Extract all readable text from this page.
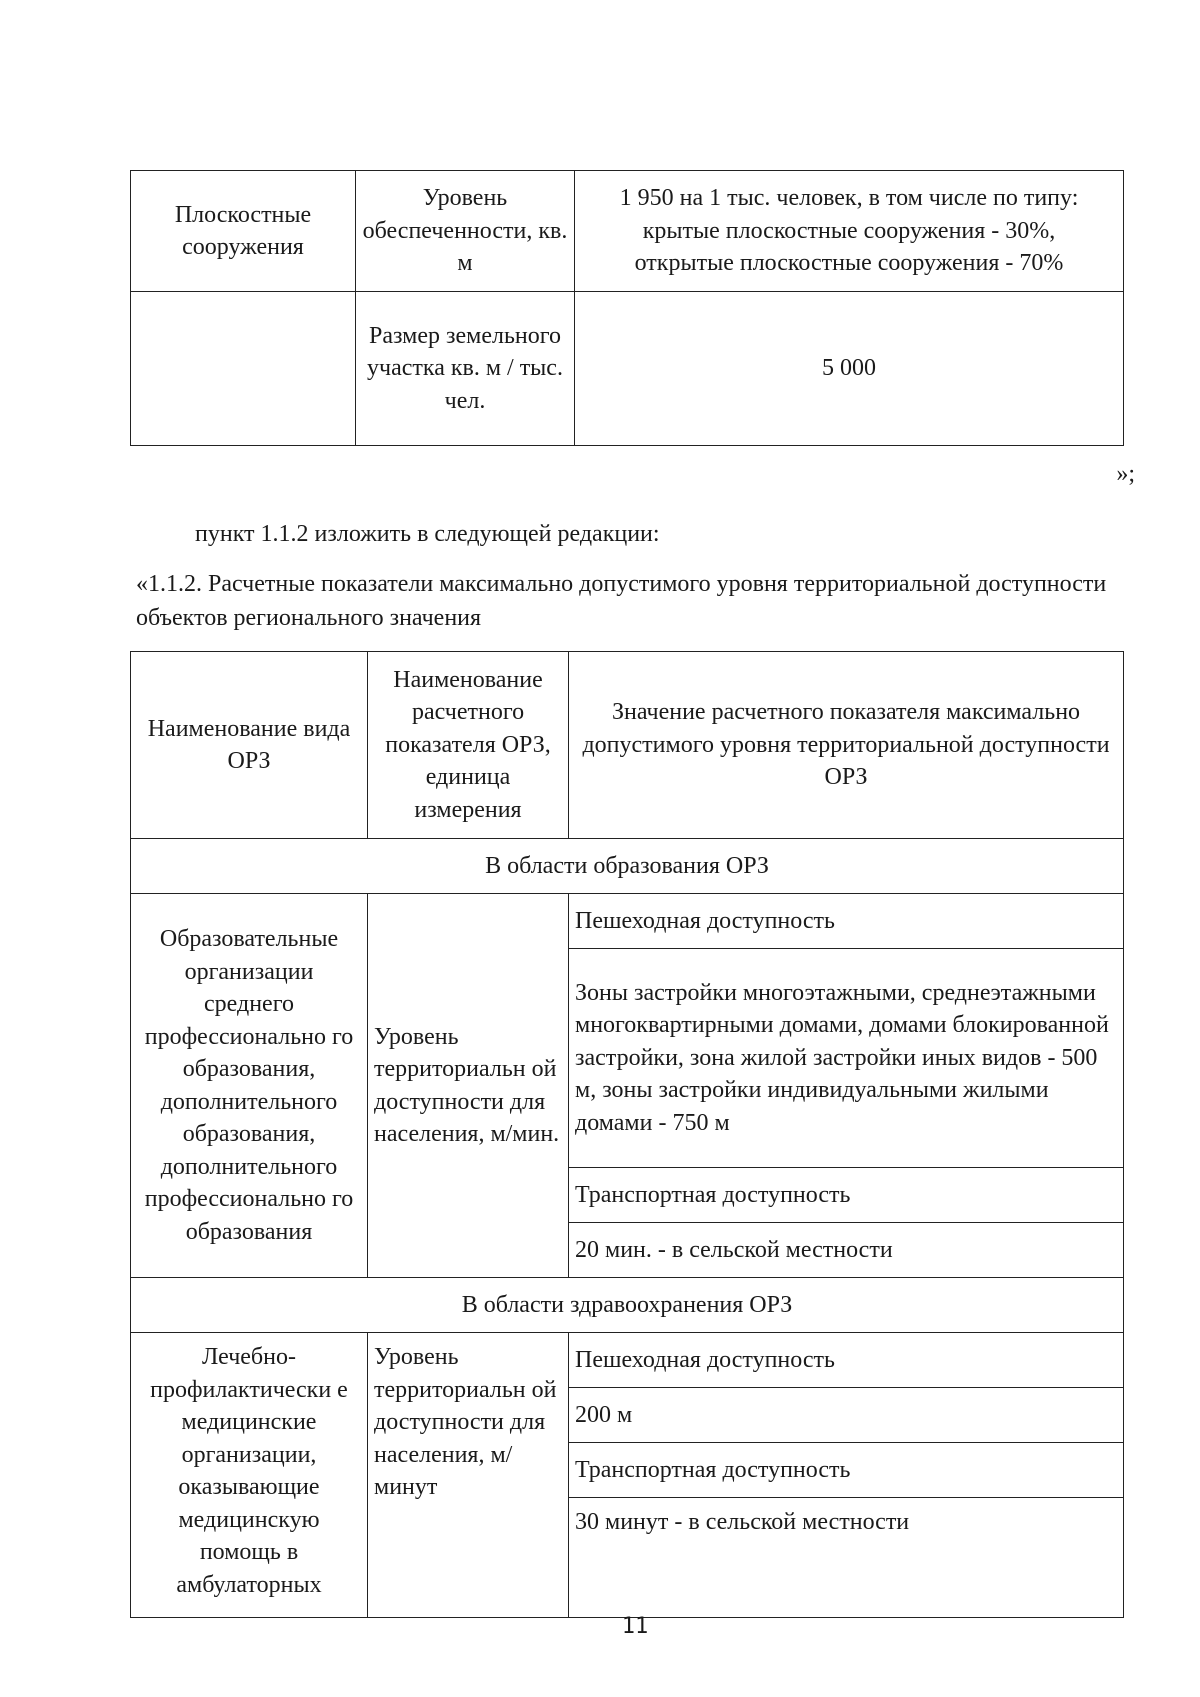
Плоскостные сооружения	Уровень обеспеченности, кв. м	1 950 на 1 тыс. человек, в том числе по типу:
крытые плоскостные сооружения - 30%,
открытые плоскостные сооружения - 70%

	Размер земельного участка кв. м / тыс. чел.	5 000
»;
пункт 1.1.2 изложить в следующей редакции:
«1.1.2. Расчетные показатели максимально допустимого уровня территориальной доступности объектов регионального значения
Наименование вида ОРЗ	Наименование расчетного показателя ОРЗ, единица измерения	Значение расчетного показателя максимально допустимого уровня территориальной доступности ОРЗ
В области образования ОРЗ		
Образовательные организации среднего профессионально го образования, дополнительного образования, дополнительного профессионально го образования	Уровень территориальн ой доступности для населения, м/мин.	Пешеходная доступность
		Зоны застройки многоэтажными, среднеэтажными многоквартирными домами, домами блокированной застройки, зона жилой застройки иных видов - 500 м, зоны застройки индивидуальными жилыми домами - 750 м
		Транспортная доступность
		20 мин. - в сельской местности
В области здравоохранения ОРЗ		
Лечебно-профилактически е медицинские организации, оказывающие медицинскую помощь в амбулаторных	Уровень территориальн ой доступности для населения, м/минут	Пешеходная доступность
		200 м
		Транспортная доступность
		30 минут - в сельской местности
11
